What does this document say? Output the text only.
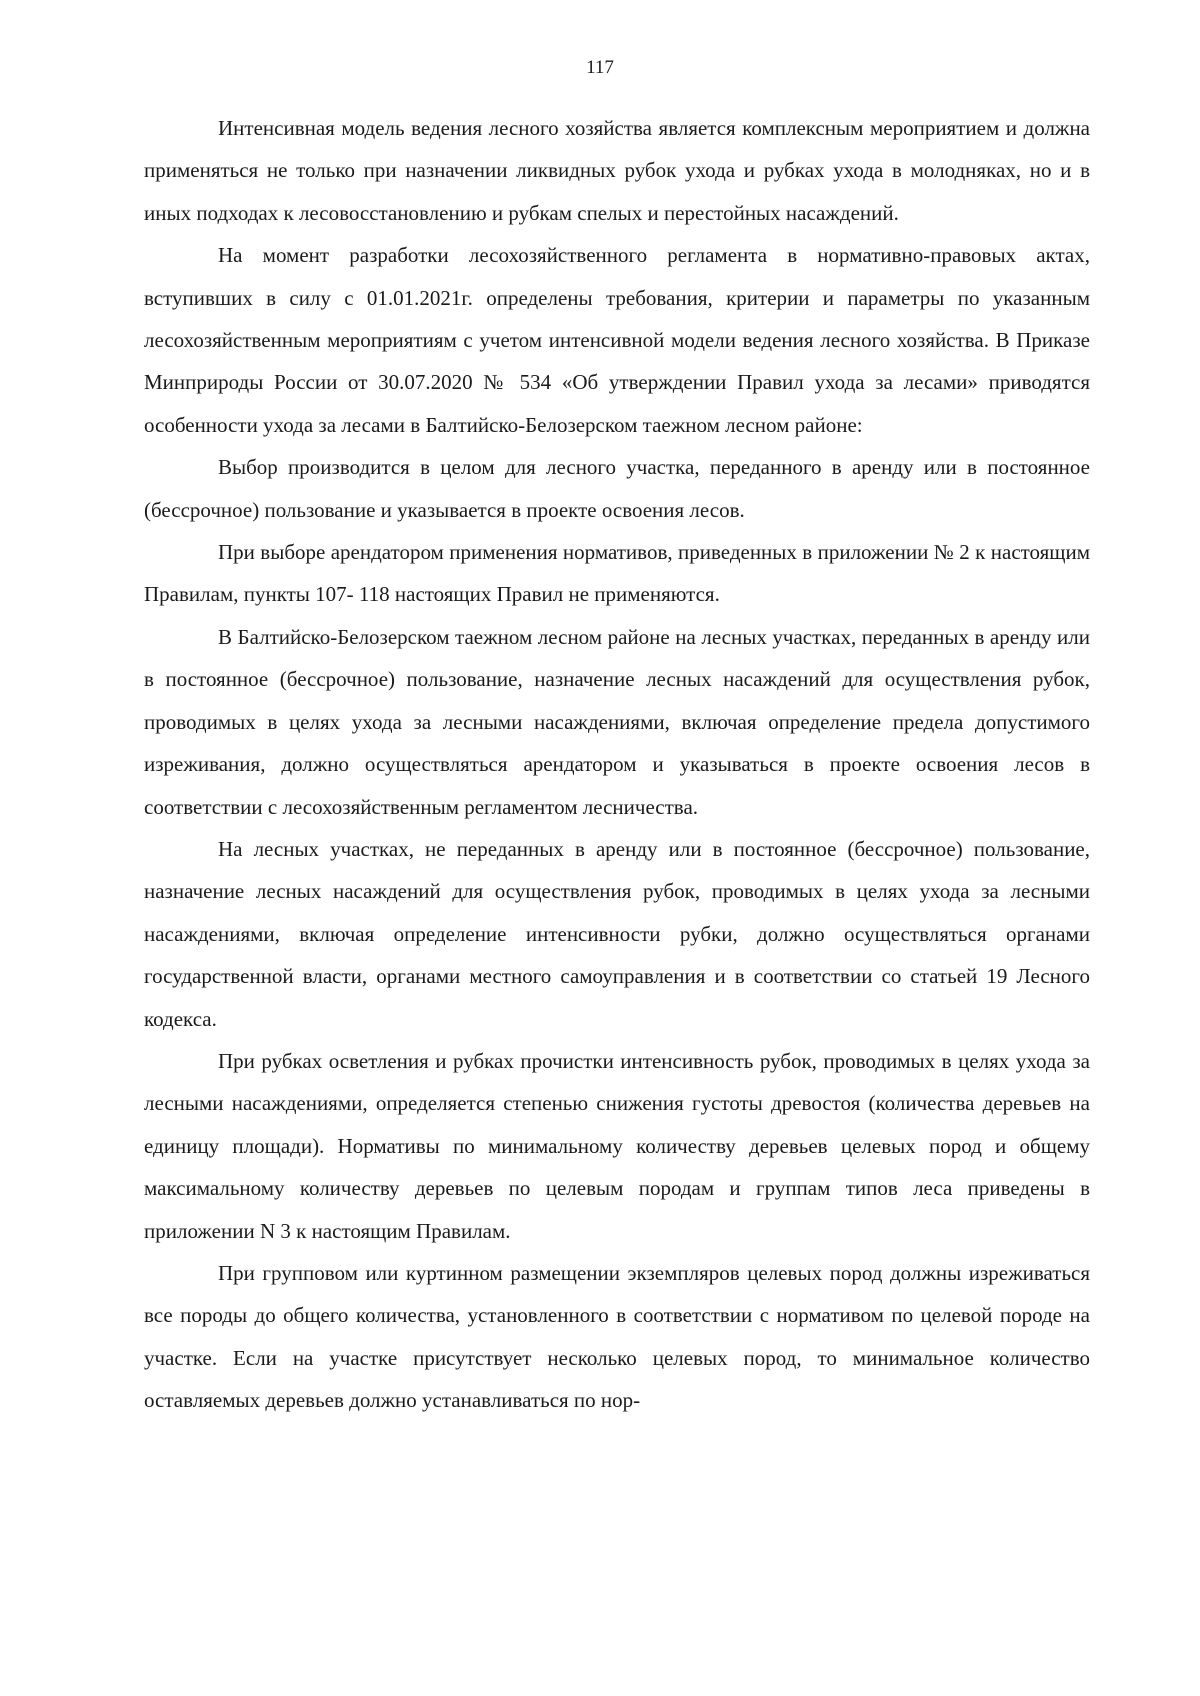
117

Интенсивная модель ведения лесного хозяйства является комплексным мероприятием и должна применяться не только при назначении ликвидных рубок ухода и рубках ухода в молодняках, но и в иных подходах к лесовосстановлению и рубкам спелых и перестойных насаждений.

На момент разработки лесохозяйственного регламента в нормативно-правовых актах, вступивших в силу с 01.01.2021г. определены требования, критерии и параметры по указанным лесохозяйственным мероприятиям с учетом интенсивной модели ведения лесного хозяйства. В Приказе Минприроды России от 30.07.2020 № 534 «Об утверждении Правил ухода за лесами» приводятся особенности ухода за лесами в Балтийско-Белозерском таежном лесном районе:

Выбор производится в целом для лесного участка, переданного в аренду или в постоянное (бессрочное) пользование и указывается в проекте освоения лесов.

При выборе арендатором применения нормативов, приведенных в приложении № 2 к настоящим Правилам, пункты 107- 118 настоящих Правил не применяются.

В Балтийско-Белозерском таежном лесном районе на лесных участках, переданных в аренду или в постоянное (бессрочное) пользование, назначение лесных насаждений для осуществления рубок, проводимых в целях ухода за лесными насаждениями, включая определение предела допустимого изреживания, должно осуществляться арендатором и указываться в проекте освоения лесов в соответствии с лесохозяйственным регламентом лесничества.

На лесных участках, не переданных в аренду или в постоянное (бессрочное) пользование, назначение лесных насаждений для осуществления рубок, проводимых в целях ухода за лесными насаждениями, включая определение интенсивности рубки, должно осуществляться органами государственной власти, органами местного самоуправления и в соответствии со статьей 19 Лесного кодекса.

При рубках осветления и рубках прочистки интенсивность рубок, проводимых в целях ухода за лесными насаждениями, определяется степенью снижения густоты древостоя (количества деревьев на единицу площади). Нормативы по минимальному количеству деревьев целевых пород и общему максимальному количеству деревьев по целевым породам и группам типов леса приведены в приложении N 3 к настоящим Правилам.

При групповом или куртинном размещении экземпляров целевых пород должны изреживаться все породы до общего количества, установленного в соответствии с нормативом по целевой породе на участке. Если на участке присутствует несколько целевых пород, то минимальное количество оставляемых деревьев должно устанавливаться по нор-
